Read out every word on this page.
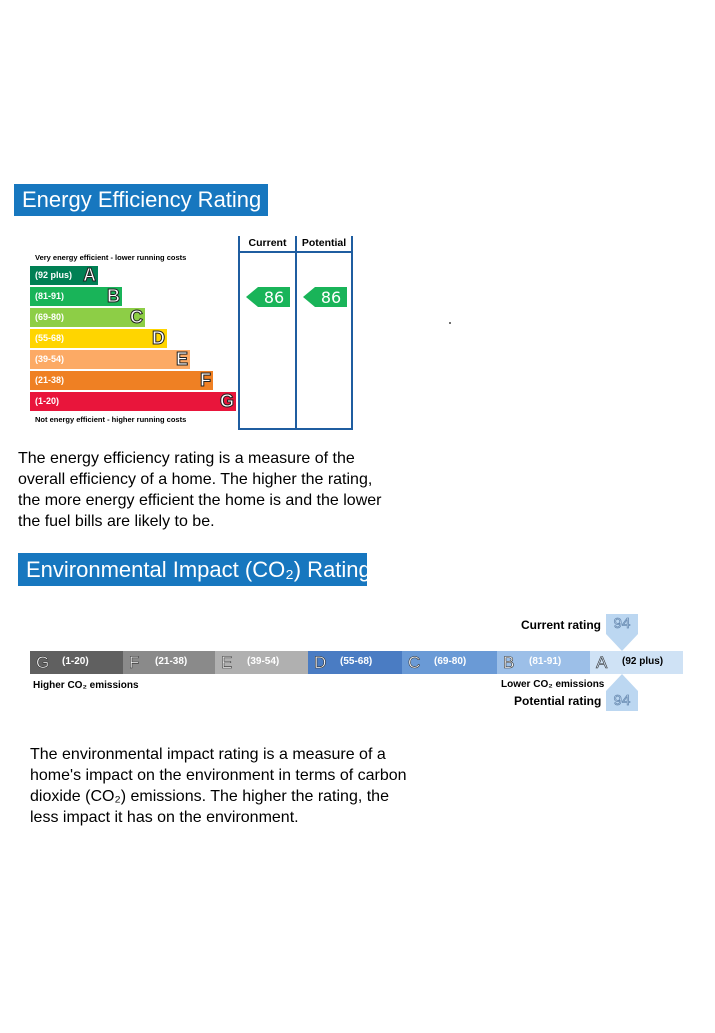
Energy Efficiency Rating
Very energy efficient - lower running costs
(92 plus) A
(81-91) B
(69-80)	C
(55-68)	D
(39-54)	E
(21-38)	F
(1-20)	G
Not energy efficient - higher running costs
Current	Potential
86	86
The energy efficiency rating is a measure of the
overall efficiency of a home. The higher the rating,
the more energy efficient the home is and the lower
the fuel bills are likely to be.
Environmental Impact (CO₂) Rating
Current rating 94
G (1-20) F (21-38) E (39-54) D (55-68) C (69-80) B (81-91) A (92 plus)
Higher CO₂ emissions	Lower CO₂ emissions
94
Potential rating
The environmental impact rating is a measure of a
home's impact on the environment in terms of carbon
dioxide (CO₂) emissions. The higher the rating, the
less impact it has on the environment.
